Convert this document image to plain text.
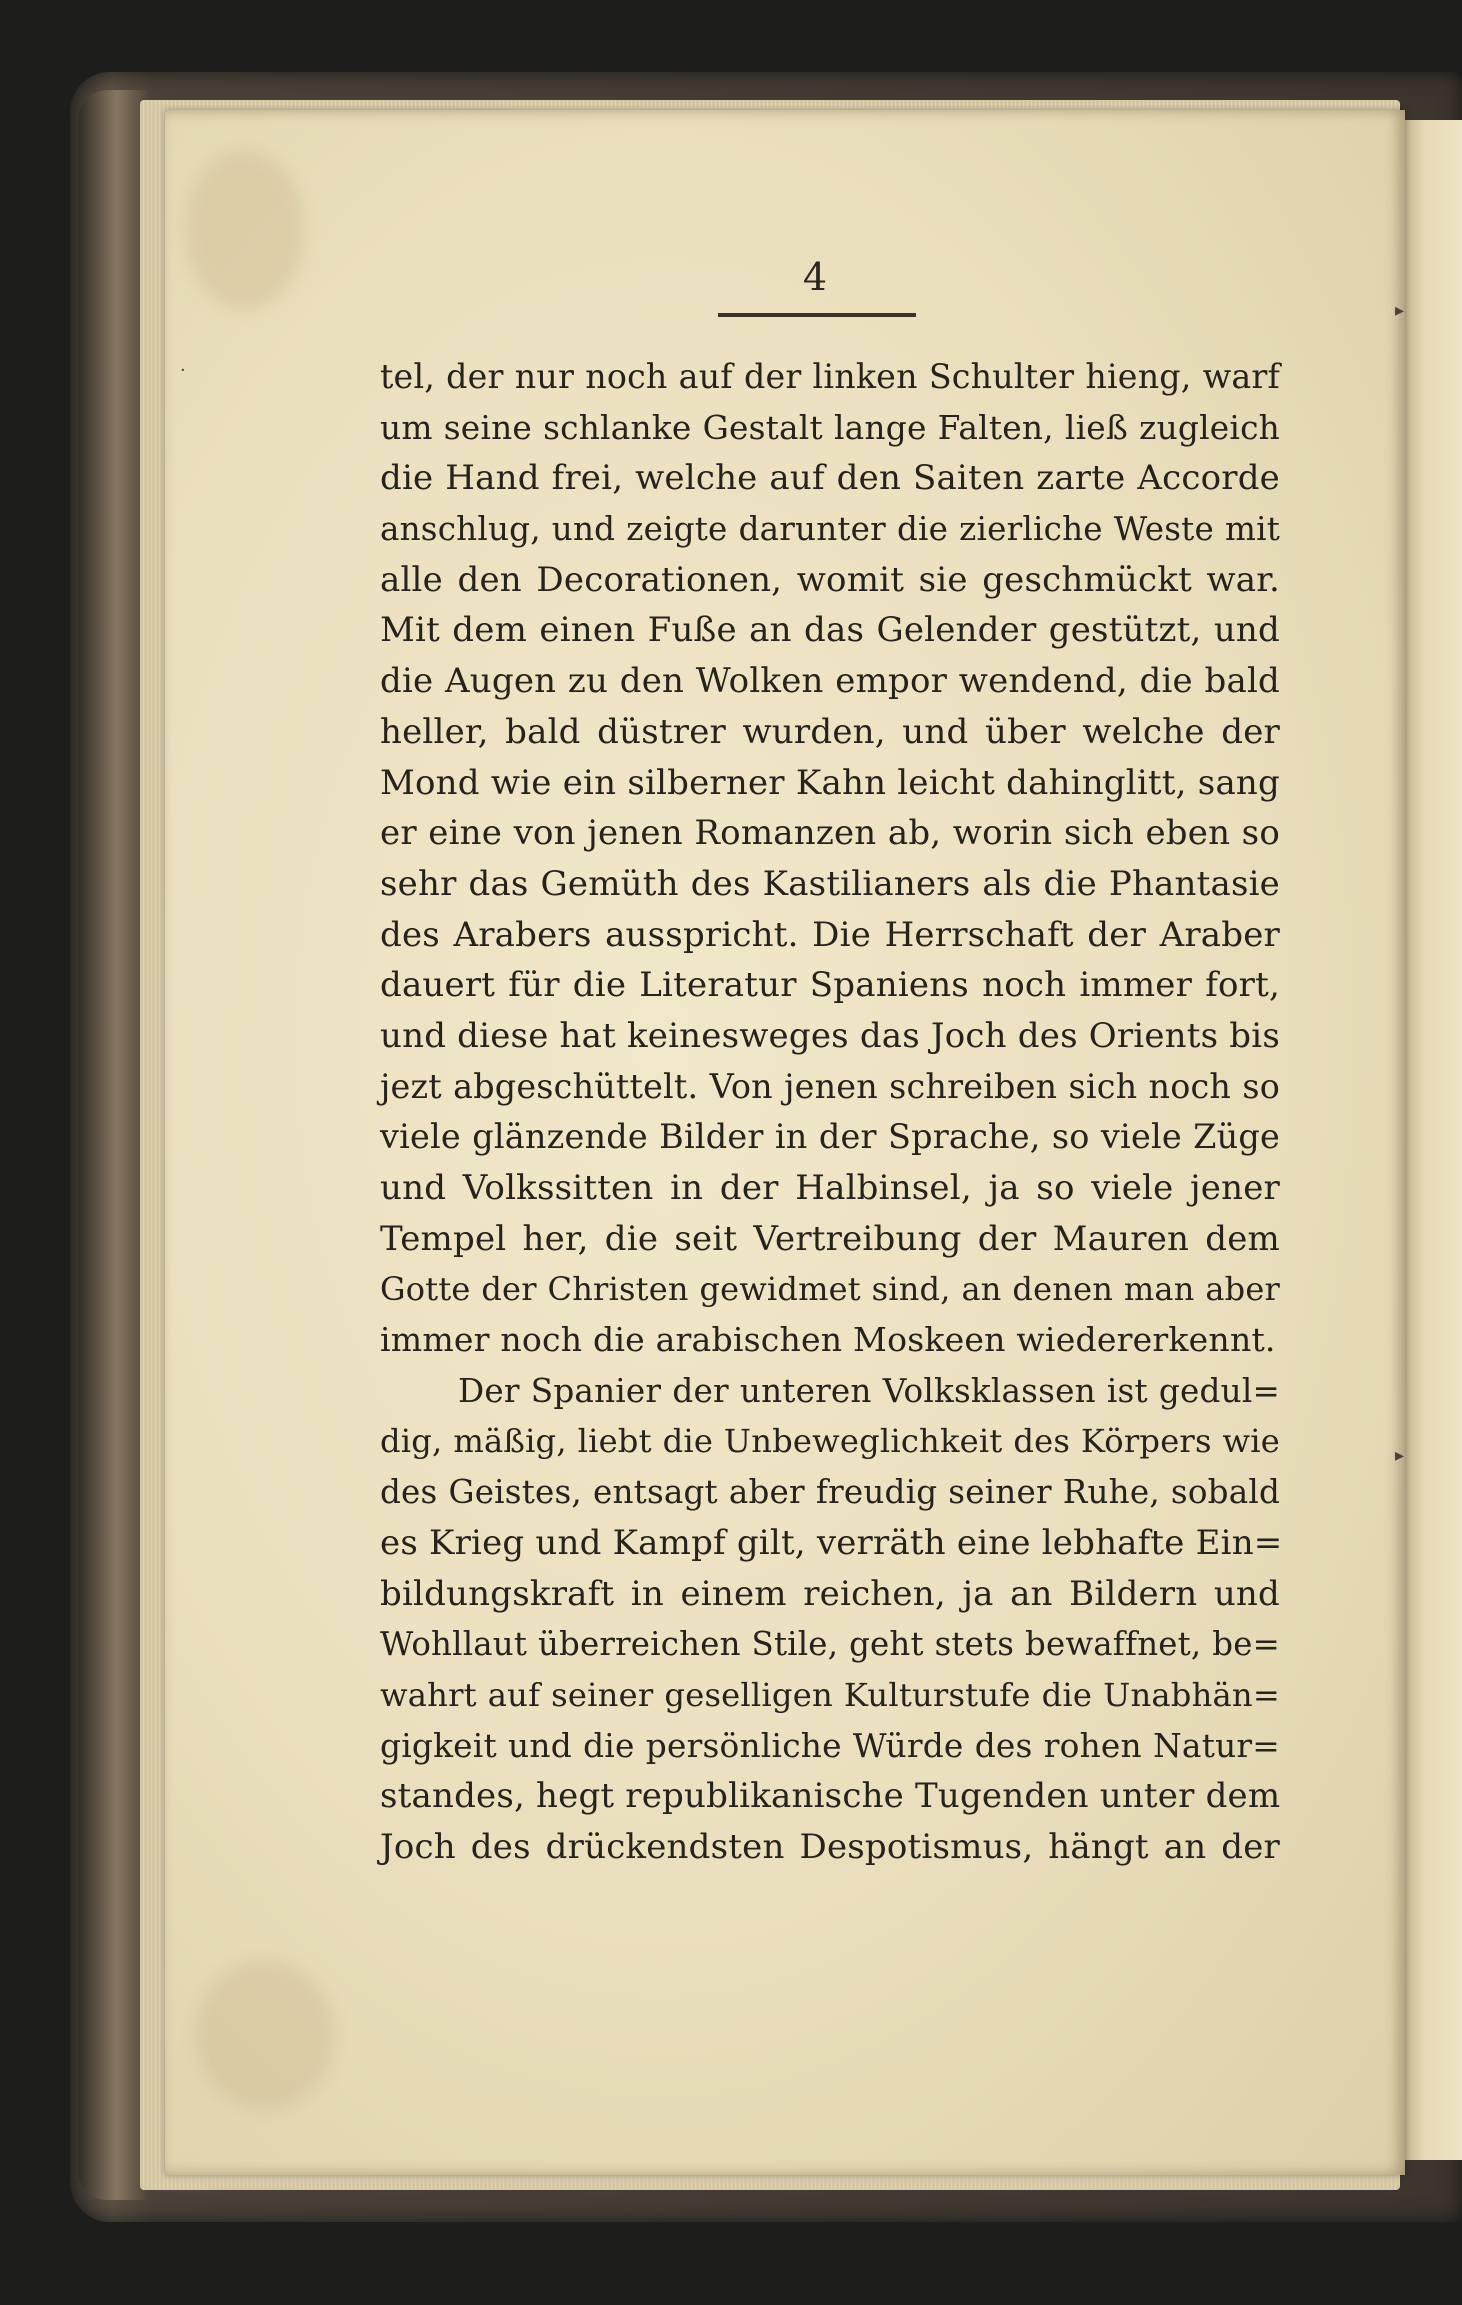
·
▸
▸
4
tel, der nur noch auf der linken Schulter hieng, warf
um seine schlanke Gestalt lange Falten, ließ zugleich
die Hand frei, welche auf den Saiten zarte Accorde
anschlug, und zeigte darunter die zierliche Weste mit
alle den Decorationen, womit sie geschmückt war.
Mit dem einen Fuße an das Gelender gestützt, und
die Augen zu den Wolken empor wendend, die bald
heller, bald düstrer wurden, und über welche der
Mond wie ein silberner Kahn leicht dahinglitt, sang
er eine von jenen Romanzen ab, worin sich eben so
sehr das Gemüth des Kastilianers als die Phantasie
des Arabers ausspricht. Die Herrschaft der Araber
dauert für die Literatur Spaniens noch immer fort,
und diese hat keinesweges das Joch des Orients bis
jezt abgeschüttelt. Von jenen schreiben sich noch so
viele glänzende Bilder in der Sprache, so viele Züge
und Volkssitten in der Halbinsel, ja so viele jener
Tempel her, die seit Vertreibung der Mauren dem
Gotte der Christen gewidmet sind, an denen man aber
immer noch die arabischen Moskeen wiedererkennt.
Der Spanier der unteren Volksklassen ist gedul=
dig, mäßig, liebt die Unbeweglichkeit des Körpers wie
des Geistes, entsagt aber freudig seiner Ruhe, sobald
es Krieg und Kampf gilt, verräth eine lebhafte Ein=
bildungskraft in einem reichen, ja an Bildern und
Wohllaut überreichen Stile, geht stets bewaffnet, be=
wahrt auf seiner geselligen Kulturstufe die Unabhän=
gigkeit und die persönliche Würde des rohen Natur=
standes, hegt republikanische Tugenden unter dem
Joch des drückendsten Despotismus, hängt an der
